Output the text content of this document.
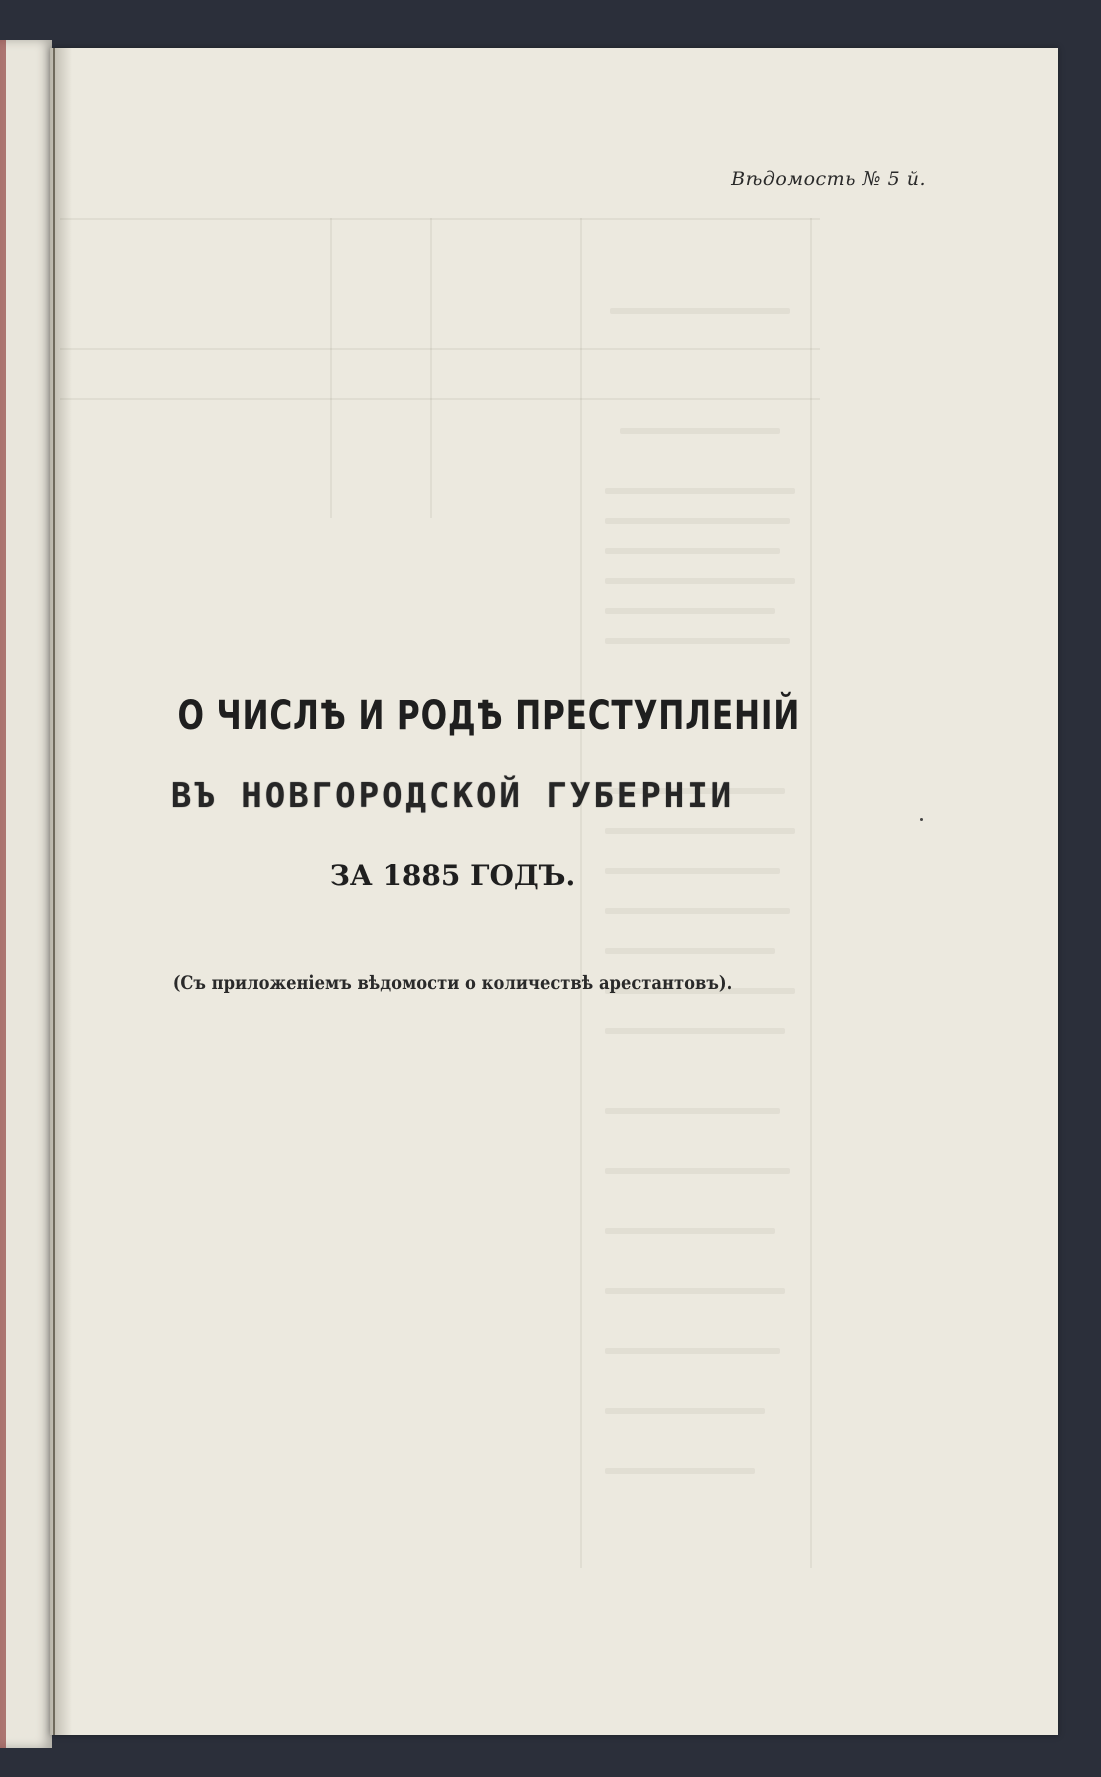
Вѣдомость № 5 й.
О ЧИСЛѢ И РОДѢ ПРЕСТУПЛЕНІЙ
ВЪ НОВГОРОДСКОЙ ГУБЕРНІИ
ЗА 1885 ГОДЪ.
(Съ приложеніемъ вѣдомости о количествѣ арестантовъ).
